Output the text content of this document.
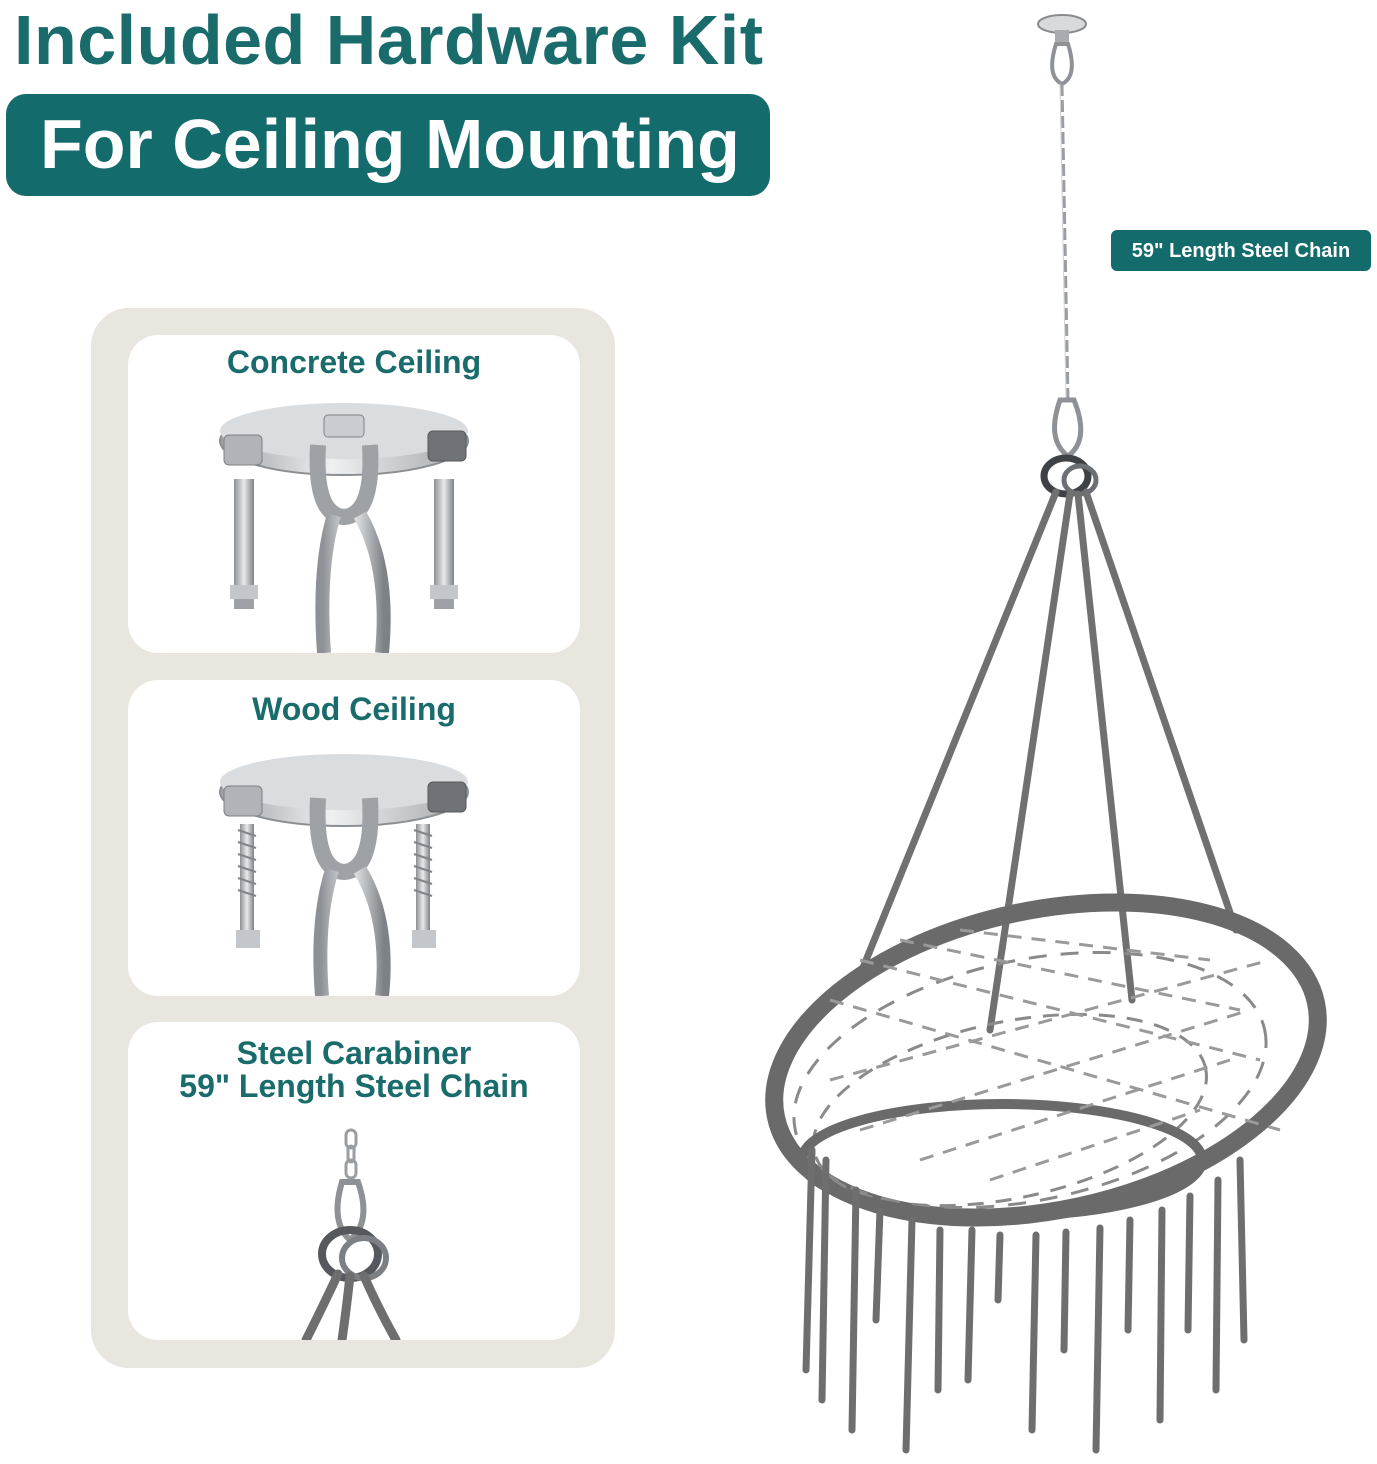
Included Hardware Kit
For Ceiling Mounting
Concrete Ceiling
Wood Ceiling
Steel Carabiner
59" Length Steel Chain
59" Length Steel Chain
